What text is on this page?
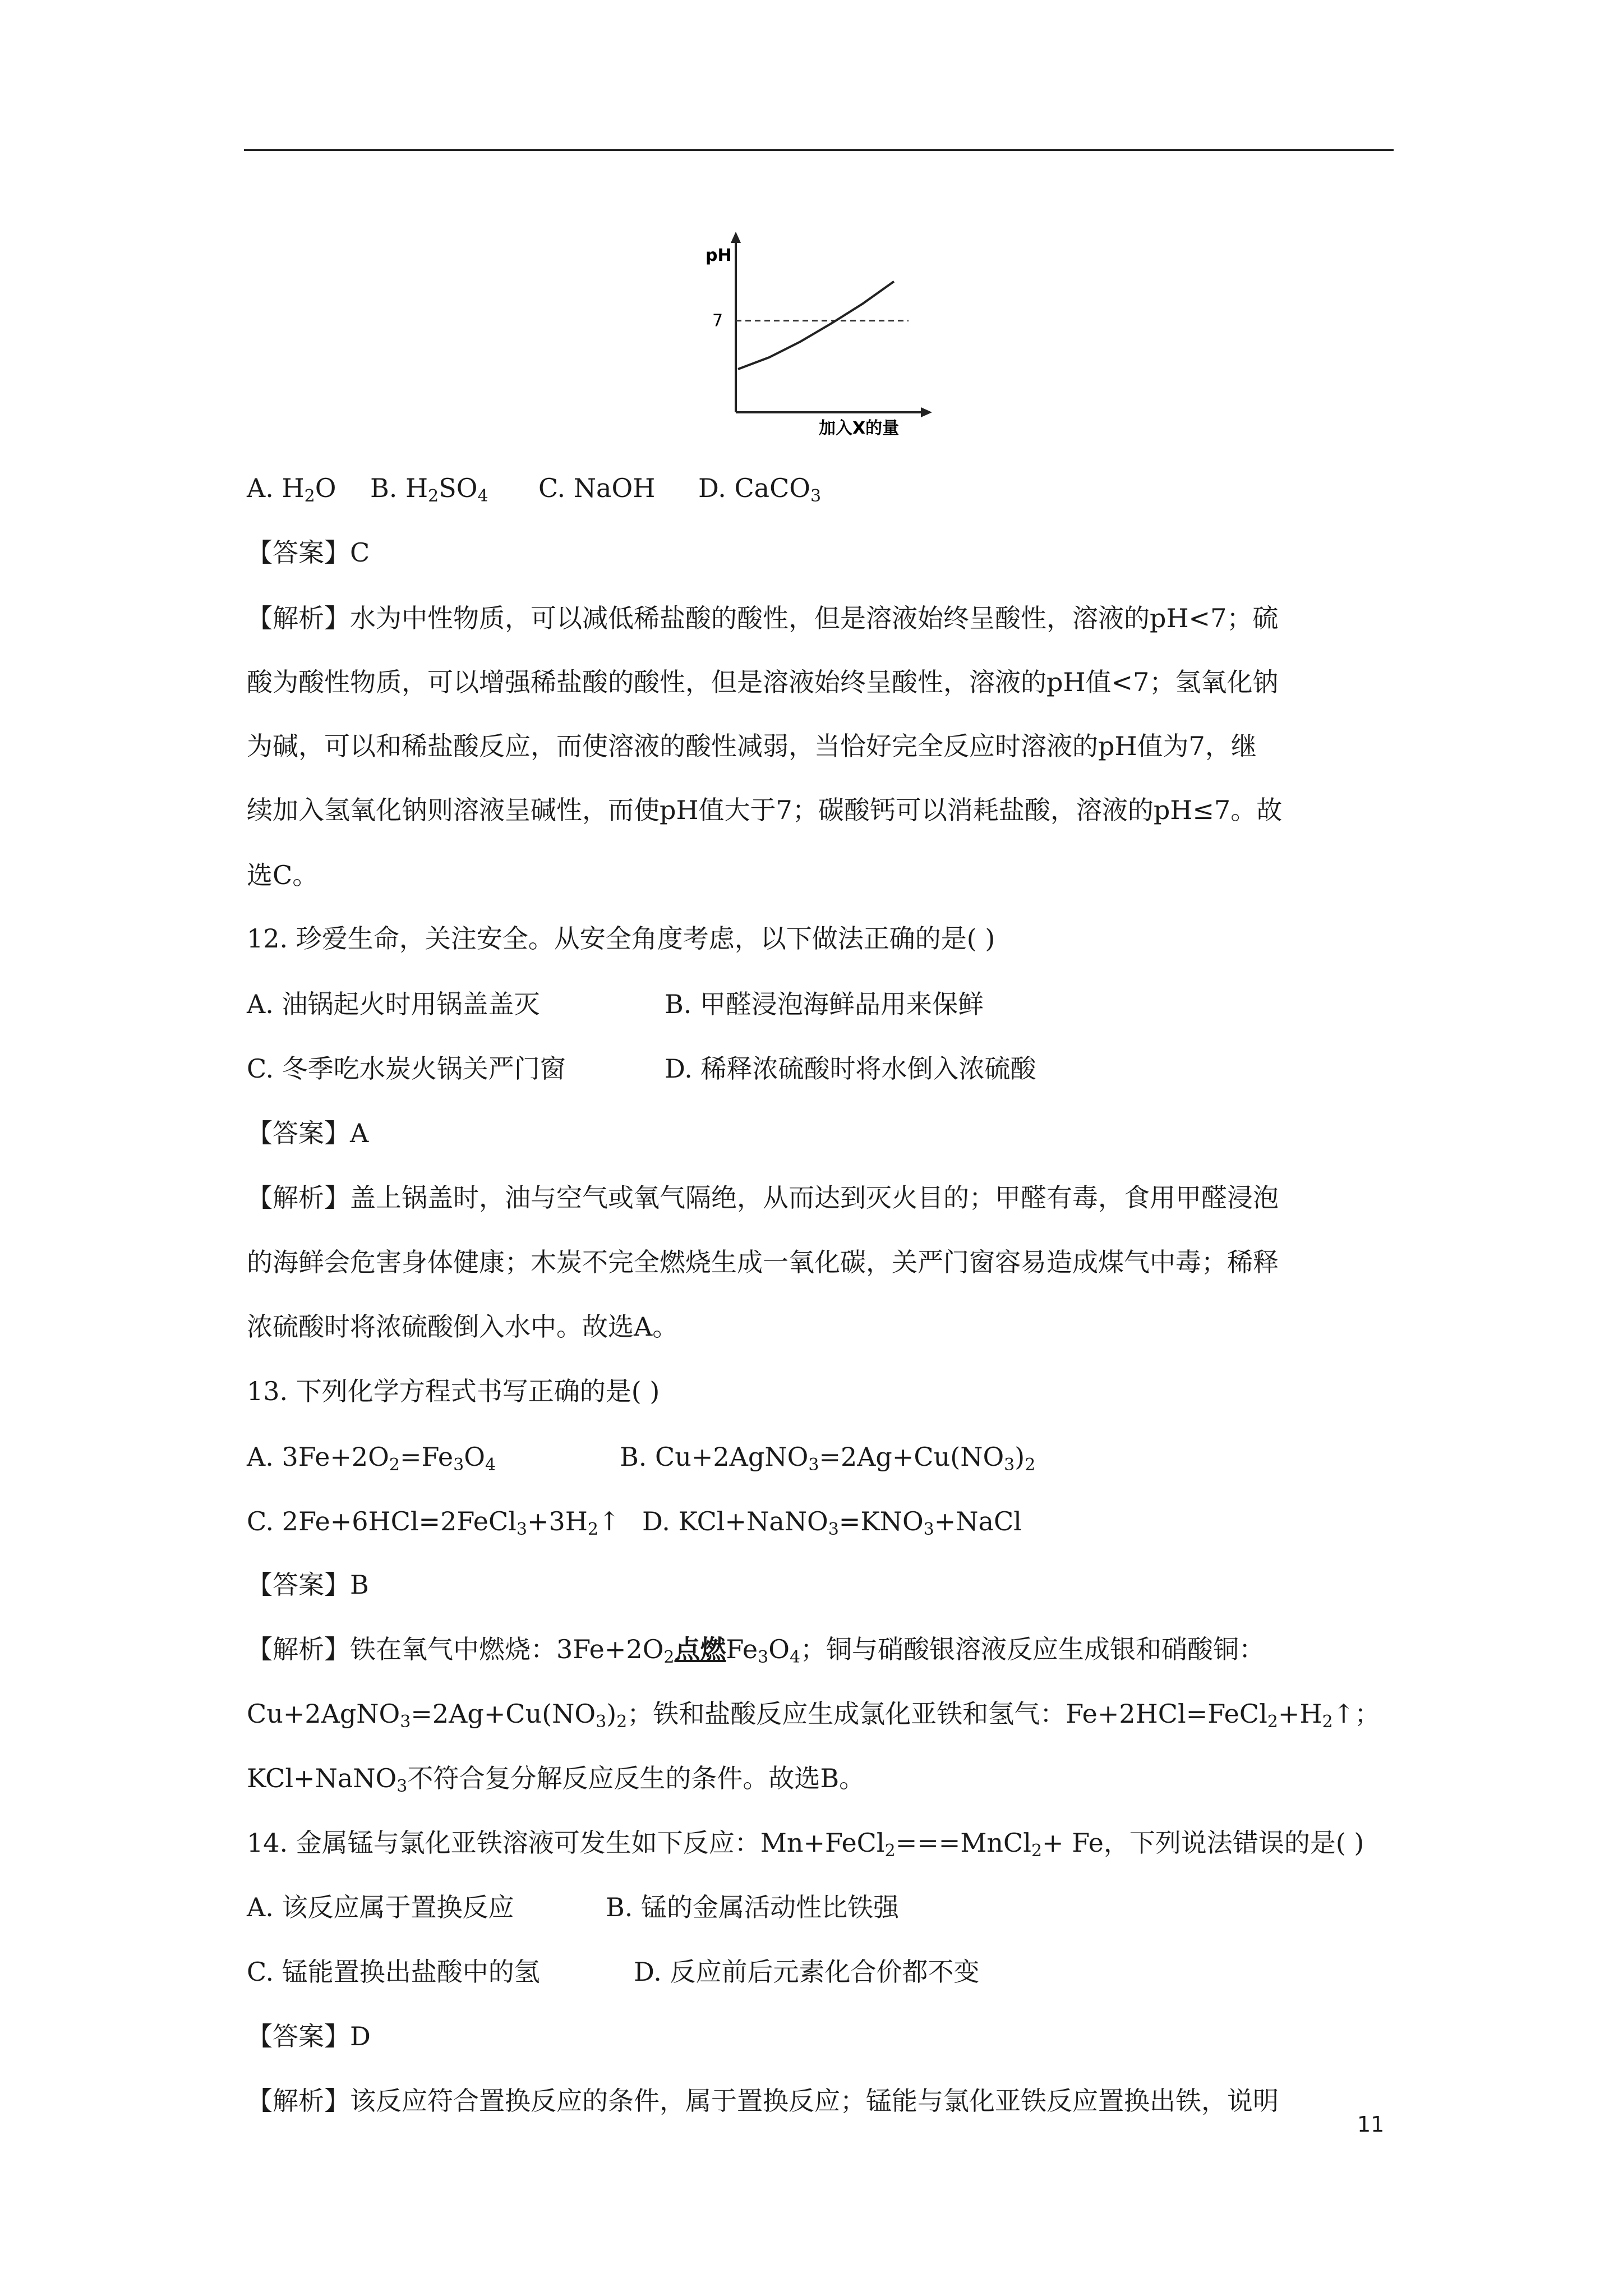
pH
7
加入X的量
A. $H_2O$ B. $H_2SO_4$ C. NaOH D. CaCO$_3$
【答案】C
【解析】水为中性物质，可以减低稀盐酸的酸性，但是溶液始终呈酸性，溶液的pH<7；硫
酸为酸性物质，可以增强稀盐酸的酸性，但是溶液始终呈酸性，溶液的pH值<7；氢氧化钠
为碱，可以和稀盐酸反应，而使溶液的酸性减弱，当恰好完全反应时溶液的pH值为7，继
续加入氢氧化钠则溶液呈碱性，而使pH值大于7；碳酸钙可以消耗盐酸，溶液的pH≤7。故
选C。
12. 珍爱生命，关注安全。从安全角度考虑，以下做法正确的是( )
A. 油锅起火时用锅盖盖灭	B. 甲醛浸泡海鲜品用来保鲜
C. 冬季吃水炭火锅关严门窗	D. 稀释浓硫酸时将水倒入浓硫酸
【答案】A
【解析】盖上锅盖时，油与空气或氧气隔绝，从而达到灭火目的；甲醛有毒，食用甲醛浸泡
的海鲜会危害身体健康；木炭不完全燃烧生成一氧化碳，关严门窗容易造成煤气中毒；稀释
浓硫酸时将浓硫酸倒入水中。故选A。
13. 下列化学方程式书写正确的是( )
A. $3Fe+2O_2=Fe_3O_4$	B. $Cu+2AgNO_3=2Ag+Cu(NO_3)_2$
C. $2Fe+6HCl=2FeCl_3+3H_2↑$ D. $KCl+NaNO_3=KNO_3+NaCl$
【答案】B
【解析】铁在氧气中燃烧：$3Fe+2O_2$点燃$Fe_3O_4$；铜与硝酸银溶液反应生成银和硝酸铜：
$Cu+2AgNO_3=2Ag+Cu(NO_3)_2$；铁和盐酸反应生成氯化亚铁和氢气：$Fe+2HCl=FeCl_2+H_2↑$；
KCl+NaNO$_3$不符合复分解反应反生的条件。故选B。
14. 金属锰与氯化亚铁溶液可发生如下反应：Mn+FeCl$_2$===MnCl$_2$+ Fe，下列说法错误的是( )
A. 该反应属于置换反应	B. 锰的金属活动性比铁强
C. 锰能置换出盐酸中的氢	D. 反应前后元素化合价都不变
【答案】D
【解析】该反应符合置换反应的条件，属于置换反应；锰能与氯化亚铁反应置换出铁，说明
11
